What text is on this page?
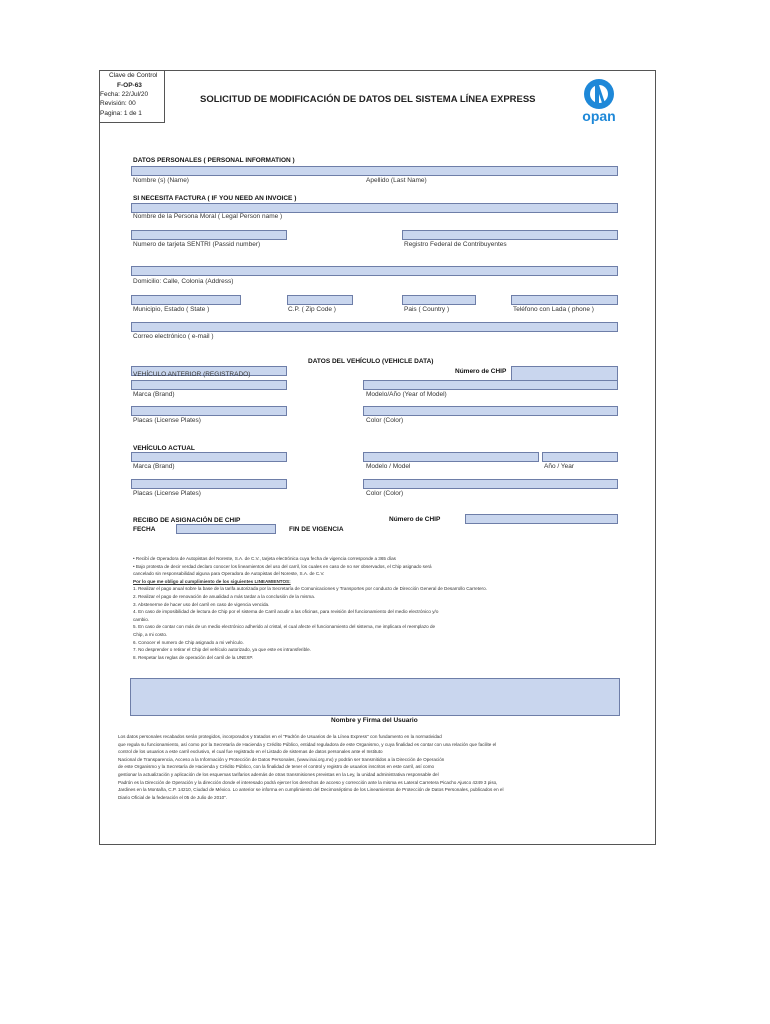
Clave de Control
F-OP-63
Fecha: 22/Jul/20
Revisión: 00
Pagina: 1 de 1
SOLICITUD DE MODIFICACIÓN DE DATOS DEL SISTEMA LÍNEA EXPRESS
opan
DATOS PERSONALES ( PERSONAL INFORMATION )
Nombre (s) (Name)	Apellido (Last Name)
SI NECESITA FACTURA ( IF YOU NEED AN INVOICE )
Nombre de la Persona Moral ( Legal Person name )
Numero de tarjeta SENTRI (Passid number)	Registro Federal de Contribuyentes
Domicilio: Calle, Colonia (Address)
Municipio, Estado ( State )	C.P. ( Zip Code )	Pais ( Country )	Teléfono con Lada ( phone )
Correo electrónico ( e-mail )
DATOS DEL VEHÍCULO (VEHICLE DATA)
VEHÍCULO ANTERIOR (REGISTRADO)	Número de CHIP
Marca (Brand)	Modelo/Año (Year of Model)
Placas (License Plates)	Color (Color)
VEHÍCULO ACTUAL
Marca (Brand)	Modelo / Model	Año / Year
Placas (License Plates)	Color (Color)
RECIBO DE ASIGNACIÓN DE CHIP	Número de CHIP
FECHA	FIN DE VIGENCIA
• Recibí de Operadora de Autopistas del Noreste, S.A. de C.V., tarjeta electrónica cuya fecha de vigencia corresponde a 365 días
• Bajo protesta de decir verdad declaro conocer los lineamientos del uso del carril, los cuales en caso de no ser observados, el Chip asignado será
cancelado sin responsabilidad alguna para Operadora de Autopistas del Noreste, S.A. de C.V.
Por lo que me obligo al cumplimiento de los siguientes LINEAMIENTOS:
1. Realizar el pago anual sobre la base de la tarifa autorizada por la Secretaría de Comunicaciones y Transportes por conducto de Dirección General de Desarrollo Carretero.
2. Realizar el pago de renovación de anualidad a más tardar a la conclusión de la misma.
3. Abstenerme de hacer uso del carril en caso de vigencia vencida.
4. En caso de imposibilidad de lectura de Chip por el sistema de Carril acudir a las oficinas, para revisión del funcionamiento del medio electrónico y/o
cambio.
5. En caso de contar con más de un medio electrónico adherido al cristal, el cual afecte el funcionamiento del sistema, me implicara el reemplazo de
Chip, a mi costo.
6. Conocer el numero de Chip asignado a mi vehículo.
7. No desprender o retirar el Chip del vehículo autorizado, ya que este es intransferible.
8. Respetar las reglas de operación del carril de la UNEXP.
Nombre y Firma del Usuario
Los datos personales recabados serán protegidos, incorporados y tratados en el "Padrón de Usuarios de la Línea Express" con fundamento en la normatividad
que regula su funcionamiento, así como por la Secretaría de Hacienda y Crédito Público, entidad reguladora de este Organismo, y cuya finalidad es contar con una relación que facilite el
control de los usuarios a este carril exclusivo, el cual fue registrado en el Listado de sistemas de datos personales ante el Instituto
Nacional de Transparencia, Acceso a la Información y Protección de Datos Personales, (www.inai.org.mx) y podrán ser transmitidos a la Dirección de Operación
de este Organismo y la Secretaría de Hacienda y Crédito Público, con la finalidad de tener el control y registro de usuarios inscritos en este carril, así como
gestionar la actualización y aplicación de los esquemas tarifarios además de otras transmisiones previstas en la Ley, la unidad administrativa responsable del
Padrón es la Dirección de Operación y la dirección donde el interesado podrá ejercer los derechos de acceso y corrección ante la misma es Lateral Carretera Picacho Ajusco 4249 3 piso,
Jardines en la Montaña, C.P. 14210, Ciudad de México. Lo anterior se informa en cumplimiento del Decimoséptimo de los Lineamientos de Protección de Datos Personales, publicados en el
Diario Oficial de la federación el 05 de Julio de 2010".
